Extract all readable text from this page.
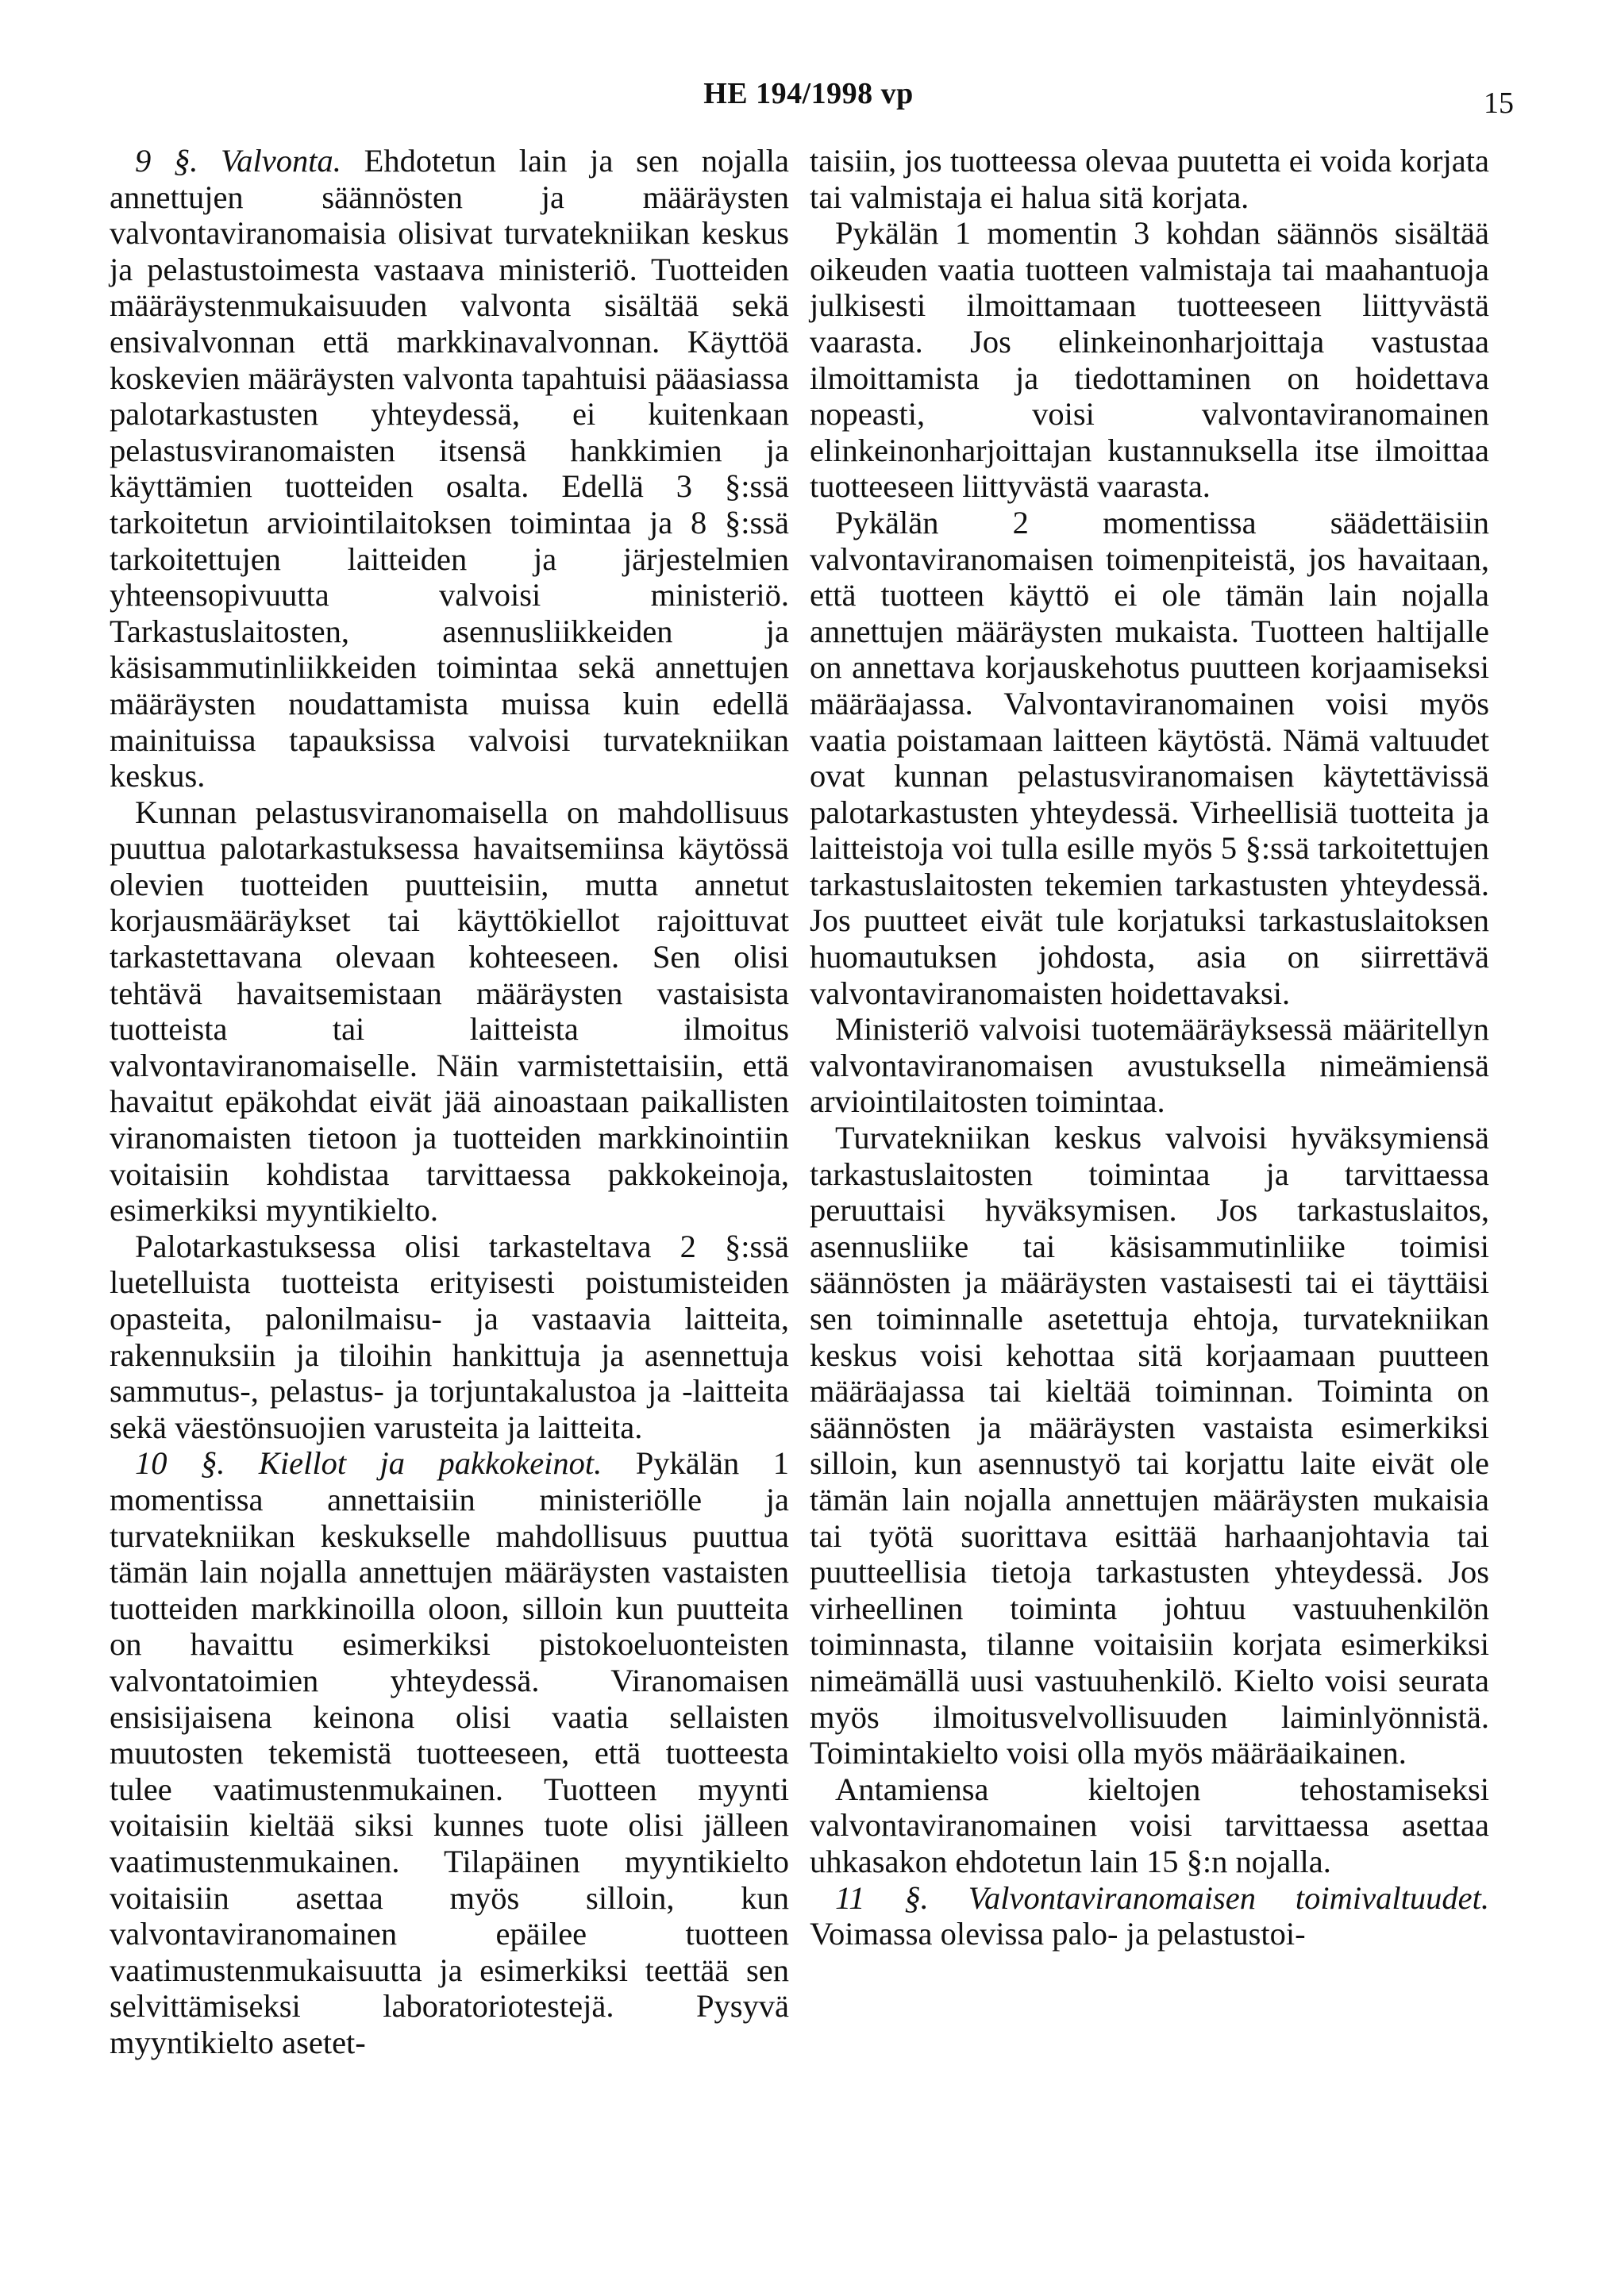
HE 194/1998 vp	15

9 §. Valvonta. Ehdotetun lain ja sen nojalla annettujen säännösten ja määräysten valvontaviranomaisia olisivat turvatekniikan keskus ja pelastustoimesta vastaava ministeriö. Tuotteiden määräystenmukaisuuden valvonta sisältää sekä ensivalvonnan että markkinavalvonnan. Käyttöä koskevien määräysten valvonta tapahtuisi pääasiassa palotarkastusten yhteydessä, ei kuitenkaan pelastusviranomaisten itsensä hankkimien ja käyttämien tuotteiden osalta. Edellä 3 §:ssä tarkoitetun arviointilaitoksen toimintaa ja 8 §:ssä tarkoitettujen laitteiden ja järjestelmien yhteensopivuutta valvoisi ministeriö. Tarkastuslaitosten, asennusliikkeiden ja käsisammutinliikkeiden toimintaa sekä annettujen määräysten noudattamista muissa kuin edellä mainituissa tapauksissa valvoisi turvatekniikan keskus.

Kunnan pelastusviranomaisella on mahdollisuus puuttua palotarkastuksessa havaitsemiinsa käytössä olevien tuotteiden puutteisiin, mutta annetut korjausmääräykset tai käyttökiellot rajoittuvat tarkastettavana olevaan kohteeseen. Sen olisi tehtävä havaitsemistaan määräysten vastaisista tuotteista tai laitteista ilmoitus valvontaviranomaiselle. Näin varmistettaisiin, että havaitut epäkohdat eivät jää ainoastaan paikallisten viranomaisten tietoon ja tuotteiden markkinointiin voitaisiin kohdistaa tarvittaessa pakkokeinoja, esimerkiksi myyntikielto.

Palotarkastuksessa olisi tarkasteltava 2 §:ssä luetelluista tuotteista erityisesti poistumisteiden opasteita, palonilmaisu- ja vastaavia laitteita, rakennuksiin ja tiloihin hankittuja ja asennettuja sammutus-, pelastus- ja torjuntakalustoa ja -laitteita sekä väestönsuojien varusteita ja laitteita.

10 §. Kiellot ja pakkokeinot. Pykälän 1 momentissa annettaisiin ministeriölle ja turvatekniikan keskukselle mahdollisuus puuttua tämän lain nojalla annettujen määräysten vastaisten tuotteiden markkinoilla oloon, silloin kun puutteita on havaittu esimerkiksi pistokoeluonteisten valvontatoimien yhteydessä. Viranomaisen ensisijaisena keinona olisi vaatia sellaisten muutosten tekemistä tuotteeseen, että tuotteesta tulee vaatimustenmukainen. Tuotteen myynti voitaisiin kieltää siksi kunnes tuote olisi jälleen vaatimustenmukainen. Tilapäinen myyntikielto voitaisiin asettaa myös silloin, kun valvontaviranomainen epäilee tuotteen vaatimustenmukaisuutta ja esimerkiksi teettää sen selvittämiseksi laboratoriotestejä. Pysyvä myyntikielto asetet-

taisiin, jos tuotteessa olevaa puutetta ei voida korjata tai valmistaja ei halua sitä korjata.

Pykälän 1 momentin 3 kohdan säännös sisältää oikeuden vaatia tuotteen valmistaja tai maahantuoja julkisesti ilmoittamaan tuotteeseen liittyvästä vaarasta. Jos elinkeinonharjoittaja vastustaa ilmoittamista ja tiedottaminen on hoidettava nopeasti, voisi valvontaviranomainen elinkeinonharjoittajan kustannuksella itse ilmoittaa tuotteeseen liittyvästä vaarasta.

Pykälän 2 momentissa säädettäisiin valvontaviranomaisen toimenpiteistä, jos havaitaan, että tuotteen käyttö ei ole tämän lain nojalla annettujen määräysten mukaista. Tuotteen haltijalle on annettava korjauskehotus puutteen korjaamiseksi määräajassa. Valvontaviranomainen voisi myös vaatia poistamaan laitteen käytöstä. Nämä valtuudet ovat kunnan pelastusviranomaisen käytettävissä palotarkastusten yhteydessä. Virheellisiä tuotteita ja laitteistoja voi tulla esille myös 5 §:ssä tarkoitettujen tarkastuslaitosten tekemien tarkastusten yhteydessä. Jos puutteet eivät tule korjatuksi tarkastuslaitoksen huomautuksen johdosta, asia on siirrettävä valvontaviranomaisten hoidettavaksi.

Ministeriö valvoisi tuotemääräyksessä määritellyn valvontaviranomaisen avustuksella nimeämiensä arviointilaitosten toimintaa.

Turvatekniikan keskus valvoisi hyväksymiensä tarkastuslaitosten toimintaa ja tarvittaessa peruuttaisi hyväksymisen. Jos tarkastuslaitos, asennusliike tai käsisammutinliike toimisi säännösten ja määräysten vastaisesti tai ei täyttäisi sen toiminnalle asetettuja ehtoja, turvatekniikan keskus voisi kehottaa sitä korjaamaan puutteen määräajassa tai kieltää toiminnan. Toiminta on säännösten ja määräysten vastaista esimerkiksi silloin, kun asennustyö tai korjattu laite eivät ole tämän lain nojalla annettujen määräysten mukaisia tai työtä suorittava esittää harhaanjohtavia tai puutteellisia tietoja tarkastusten yhteydessä. Jos virheellinen toiminta johtuu vastuuhenkilön toiminnasta, tilanne voitaisiin korjata esimerkiksi nimeämällä uusi vastuuhenkilö. Kielto voisi seurata myös ilmoitusvelvollisuuden laiminlyönnistä. Toimintakielto voisi olla myös määräaikainen.

Antamiensa kieltojen tehostamiseksi valvontaviranomainen voisi tarvittaessa asettaa uhkasakon ehdotetun lain 15 §:n nojalla.

11 §. Valvontaviranomaisen toimivaltuudet. Voimassa olevissa palo- ja pelastustoi-
